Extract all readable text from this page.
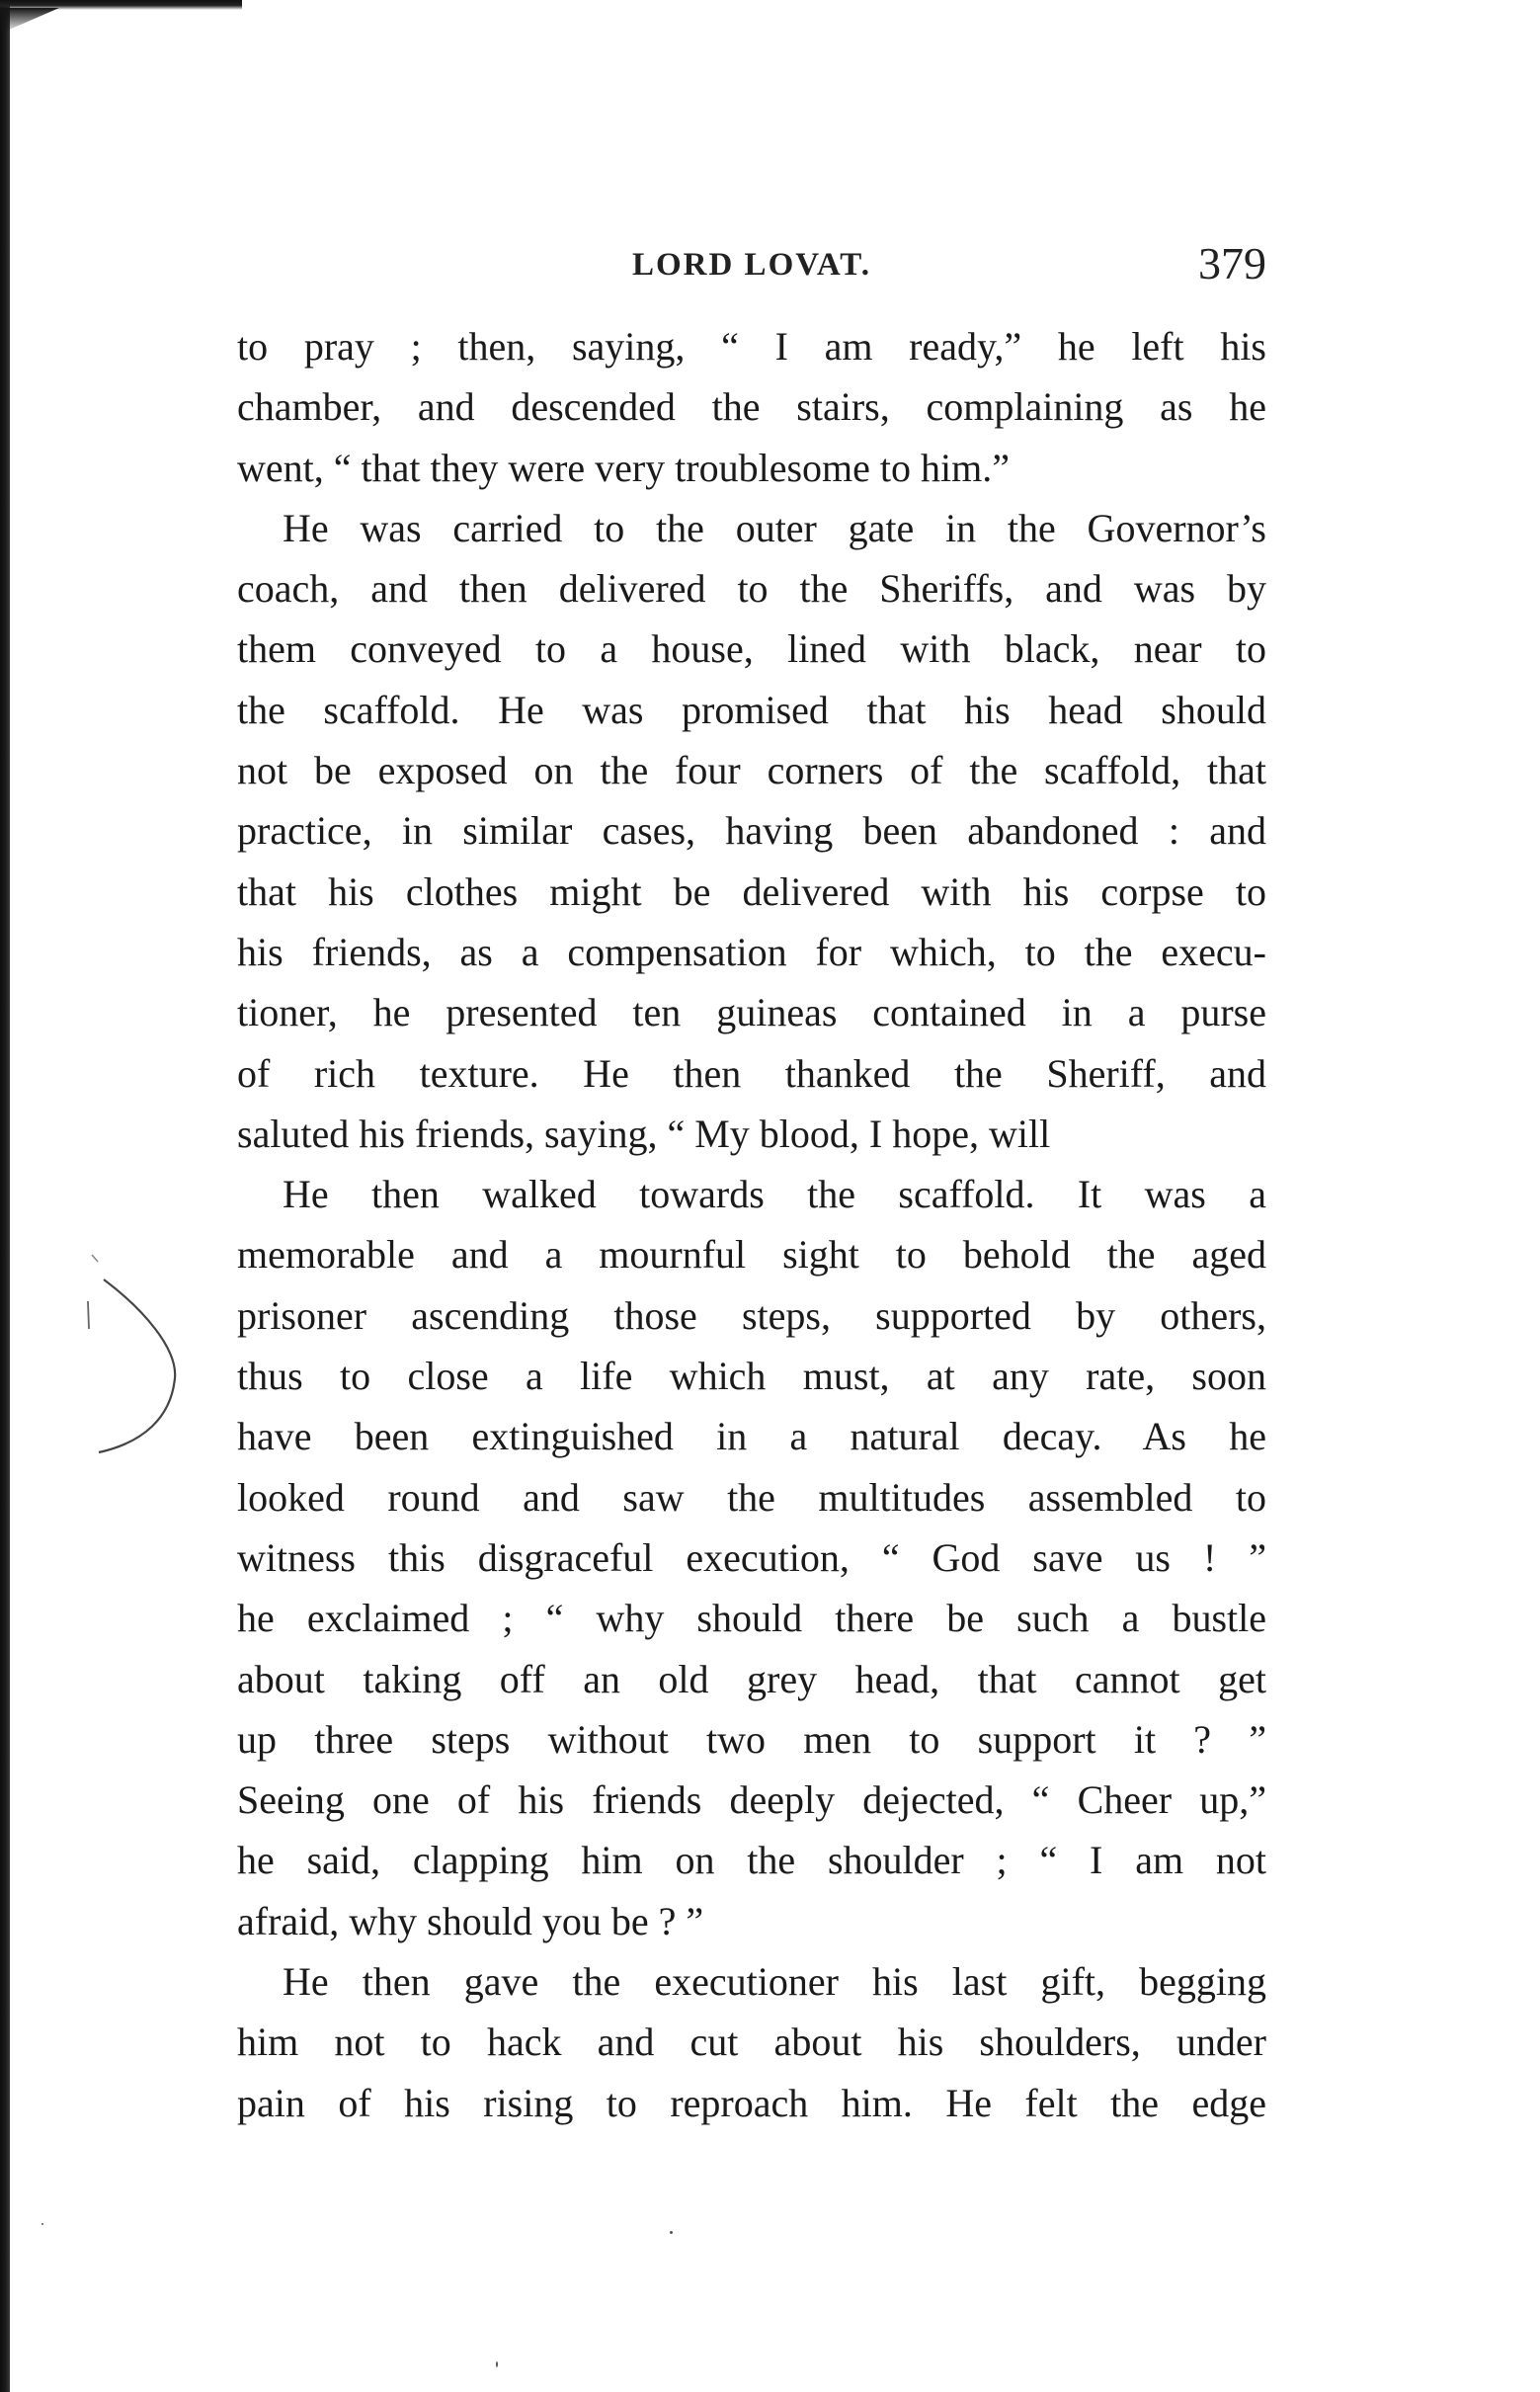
LORD LOVAT.	379
to pray ; then, saying, “ I am ready,” he left his
chamber, and descended the stairs, complaining as he
went, “ that they were very troublesome to him.”
He was carried to the outer gate in the Governor’s
coach, and then delivered to the Sheriffs, and was by
them conveyed to a house, lined with black, near to
the scaffold. He was promised that his head should
not be exposed on the four corners of the scaffold, that
practice, in similar cases, having been abandoned : and
that his clothes might be delivered with his corpse to
his friends, as a compensation for which, to the execu-
tioner, he presented ten guineas contained in a purse
of rich texture. He then thanked the Sheriff, and
saluted his friends, saying, “ My blood, I hope, will
He then walked towards the scaffold. It was a
memorable and a mournful sight to behold the aged
prisoner ascending those steps, supported by others,
thus to close a life which must, at any rate, soon
have been extinguished in a natural decay. As he
looked round and saw the multitudes assembled to
witness this disgraceful execution, “ God save us ! ”
he exclaimed ; “ why should there be such a bustle
about taking off an old grey head, that cannot get
up three steps without two men to support it ? ”
Seeing one of his friends deeply dejected, “ Cheer up,”
he said, clapping him on the shoulder ; “ I am not
afraid, why should you be ? ”
He then gave the executioner his last gift, begging
him not to hack and cut about his shoulders, under
pain of his rising to reproach him. He felt the edge
